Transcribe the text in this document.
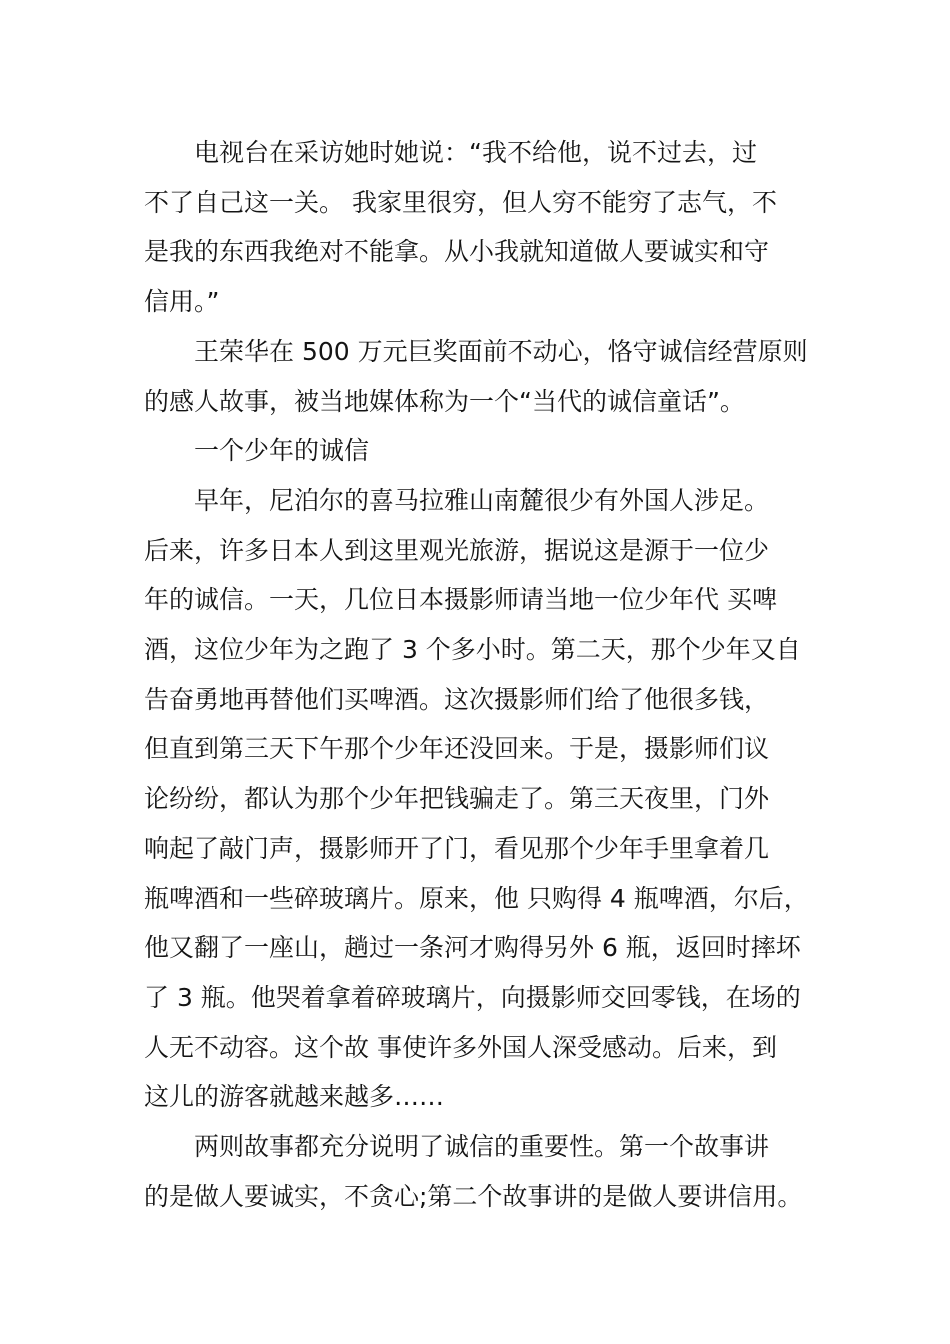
电视台在采访她时她说：“我不给他，说不过去，过
不了自己这一关。 我家里很穷，但人穷不能穷了志气，不
是我的东西我绝对不能拿。从小我就知道做人要诚实和守
信用。”

王荣华在 500 万元巨奖面前不动心，恪守诚信经营原则
的感人故事，被当地媒体称为一个“当代的诚信童话”。

一个少年的诚信

早年，尼泊尔的喜马拉雅山南麓很少有外国人涉足。
后来，许多日本人到这里观光旅游，据说这是源于一位少
年的诚信。一天，几位日本摄影师请当地一位少年代 买啤
酒，这位少年为之跑了 3 个多小时。第二天，那个少年又自
告奋勇地再替他们买啤酒。这次摄影师们给了他很多钱，
但直到第三天下午那个少年还没回来。于是，摄影师们议
论纷纷，都认为那个少年把钱骗走了。第三天夜里，门外
响起了敲门声，摄影师开了门，看见那个少年手里拿着几
瓶啤酒和一些碎玻璃片。原来，他 只购得 4 瓶啤酒，尔后，
他又翻了一座山，趟过一条河才购得另外 6 瓶，返回时摔坏
了 3 瓶。他哭着拿着碎玻璃片，向摄影师交回零钱，在场的
人无不动容。这个故 事使许多外国人深受感动。后来，到
这儿的游客就越来越多……

两则故事都充分说明了诚信的重要性。第一个故事讲
的是做人要诚实，不贪心;第二个故事讲的是做人要讲信用。
